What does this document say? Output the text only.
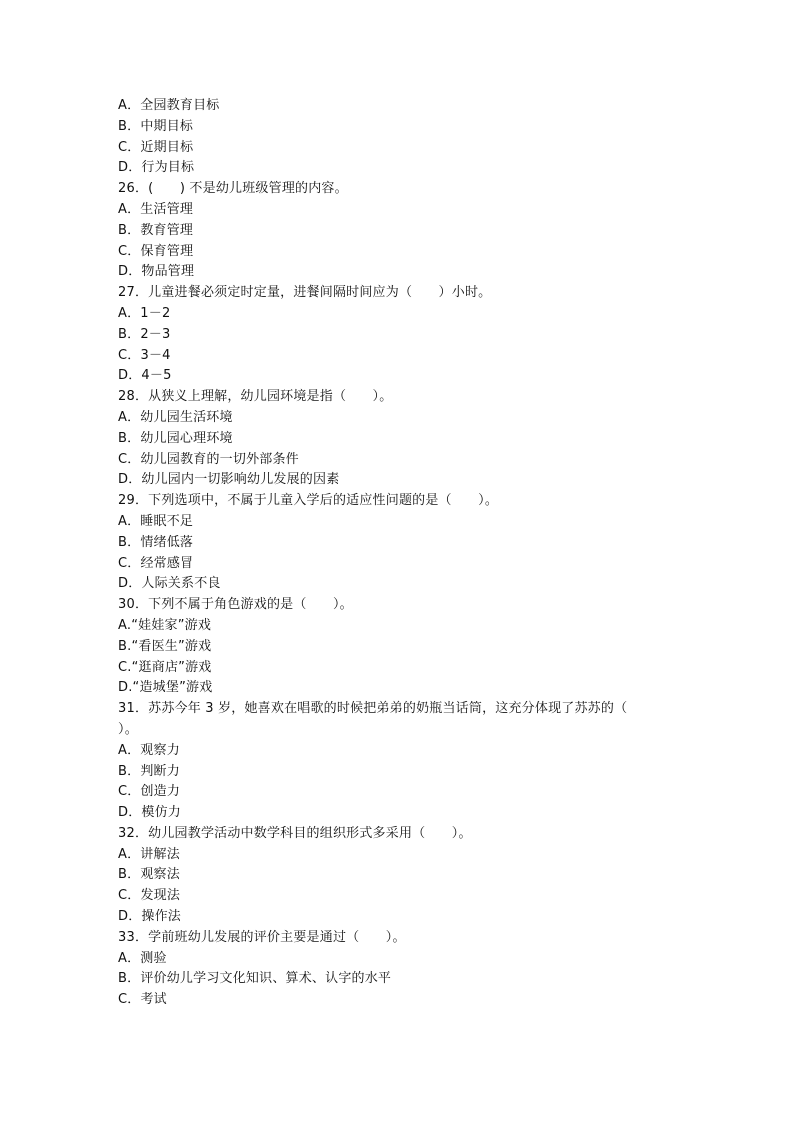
A．全园教育目标
B．中期目标
C．近期目标
D．行为目标
26．(　　) 不是幼儿班级管理的内容。
A．生活管理
B．教育管理
C．保育管理
D．物品管理
27．儿童进餐必须定时定量，进餐间隔时间应为（　　）小时。
A．1－2
B．2－3
C．3－4
D．4－5
28．从狭义上理解，幼儿园环境是指（　　）。
A．幼儿园生活环境
B．幼儿园心理环境
C．幼儿园教育的一切外部条件
D．幼儿园内一切影响幼儿发展的因素
29．下列选项中，不属于儿童入学后的适应性问题的是（　　）。
A．睡眠不足
B．情绪低落
C．经常感冒
D．人际关系不良
30．下列不属于角色游戏的是（　　）。
A.“娃娃家”游戏
B.“看医生”游戏
C.“逛商店”游戏
D.“造城堡”游戏
31．苏苏今年 3 岁，她喜欢在唱歌的时候把弟弟的奶瓶当话筒，这充分体现了苏苏的（
）。
A．观察力
B．判断力
C．创造力
D．模仿力
32．幼儿园教学活动中数学科目的组织形式多采用（　　）。
A．讲解法
B．观察法
C．发现法
D．操作法
33．学前班幼儿发展的评价主要是通过（　　）。
A．测验
B．评价幼儿学习文化知识、算术、认字的水平
C．考试
